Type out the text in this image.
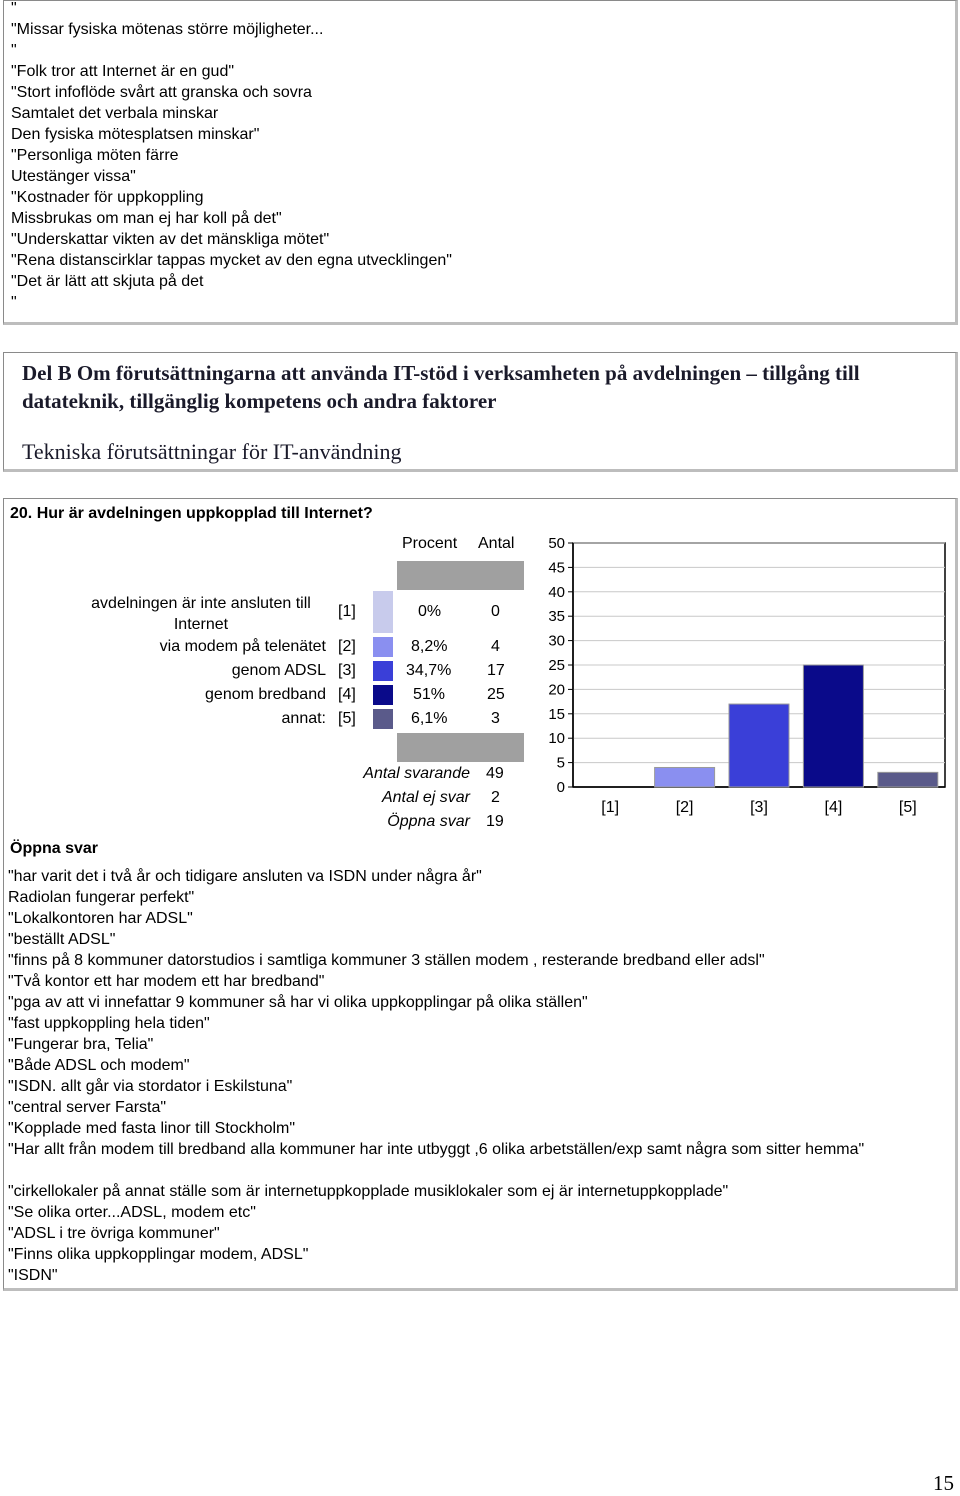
"
"Missar fysiska mötenas större möjligheter...
"
"Folk tror att Internet är en gud"
"Stort infoflöde svårt att granska och sovra
Samtalet det verbala minskar
Den fysiska mötesplatsen minskar"
"Personliga möten färre
Utestänger vissa"
"Kostnader för uppkoppling
Missbrukas om man ej har koll på det"
"Underskattar vikten av det mänskliga mötet"
"Rena distanscirklar tappas mycket av den egna utvecklingen"
"Det är lätt att skjuta på det
"
Del B Om förutsättningarna att använda IT-stöd i verksamheten på avdelningen – tillgång till datateknik, tillgänglig kompetens och andra faktorer
Tekniska förutsättningar för IT-användning
20. Hur är avdelningen uppkopplad till Internet?
Procent Antal
avdelningen är inte ansluten till Internet
[1]	0%	0
via modem på telenätet [2]	8,2%	4
genom ADSL [3]	34,7% 17
genom bredband [4]	51%	25
annat: [5]	6,1%	3
Antal svarande 49
Antal ej svar 2
Öppna svar 19
0
5
10
15
20
25
30
35
40
45
50
[1]	[2]	[3]	[4]	[5]
Öppna svar
"har varit det i två år och tidigare ansluten va ISDN under några år"
Radiolan fungerar perfekt"
"Lokalkontoren har ADSL"
"beställt ADSL"
"finns på 8 kommuner datorstudios i samtliga kommuner 3 ställen modem , resterande bredband eller adsl"
"Två kontor ett har modem ett har bredband"
"pga av att vi innefattar 9 kommuner så har vi olika uppkopplingar på olika ställen"
"fast uppkoppling hela tiden"
"Fungerar bra, Telia"
"Både ADSL och modem"
"ISDN. allt går via stordator i Eskilstuna"
"central server Farsta"
"Kopplade med fasta linor till Stockholm"
"Har allt från modem till bredband alla kommuner har inte utbyggt ,6 olika arbetställen/exp samt några som sitter hemma"
"cirkellokaler på annat ställe som är internetuppkopplade musiklokaler som ej är internetuppkopplade"
"Se olika orter...ADSL, modem etc"
"ADSL i tre övriga kommuner"
"Finns olika uppkopplingar modem, ADSL"
"ISDN"
15
